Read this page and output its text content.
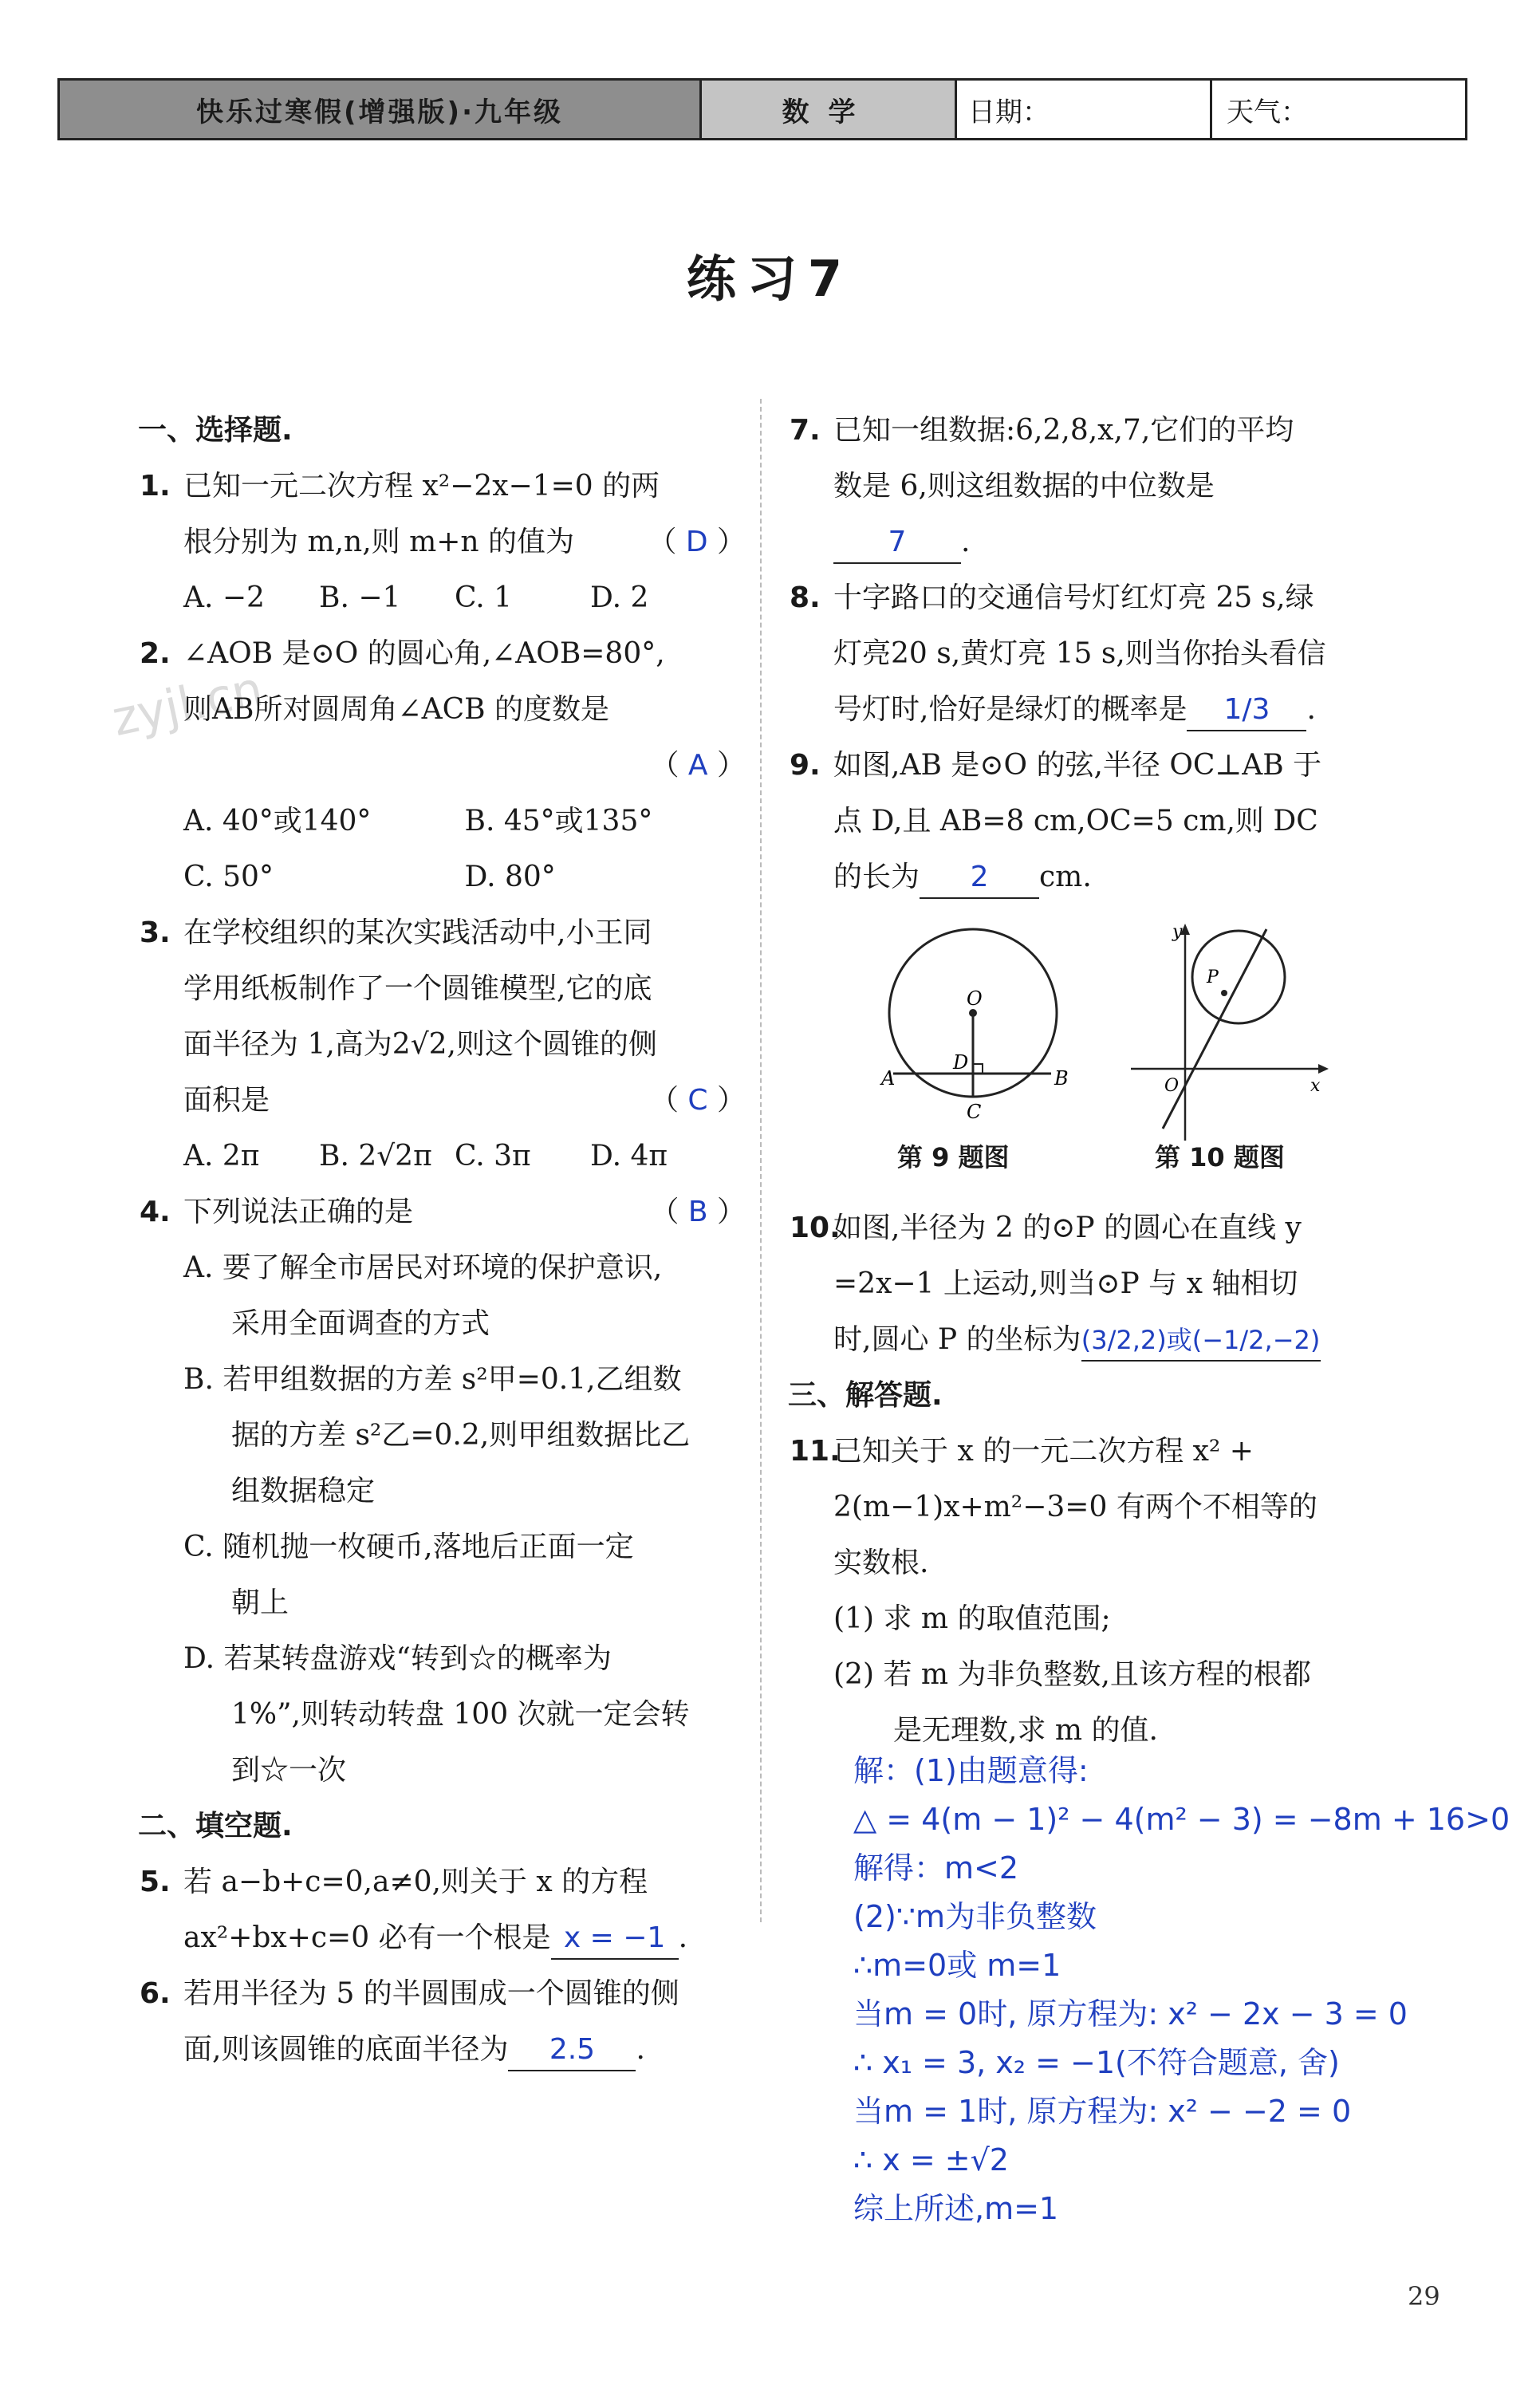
快乐过寒假(增强版)·九年级	数学	日期：	天气：
练习7
zyjl.cn
一、选择题.
1. 已知一元二次方程 x²−2x−1=0 的两
根分别为 m,n,则 m+n 的值为	（ D ）
A. −2	B. −1	C. 1	D. 2
2. ∠AOB 是⊙O 的圆心角,∠AOB=80°,
则AB所对圆周角∠ACB 的度数是
（ A ）
A. 40°或140°	B. 45°或135°
C. 50°	D. 80°
3. 在学校组织的某次实践活动中,小王同
学用纸板制作了一个圆锥模型,它的底
面半径为 1,高为2√2,则这个圆锥的侧
面积是	（ C ）
A. 2π	B. 2√2π C. 3π	D. 4π
4. 下列说法正确的是	（ B ）
A. 要了解全市居民对环境的保护意识,
采用全面调查的方式
B. 若甲组数据的方差 s²甲=0.1,乙组数
据的方差 s²乙=0.2,则甲组数据比乙
组数据稳定
C. 随机抛一枚硬币,落地后正面一定
朝上
D. 若某转盘游戏“转到☆的概率为
1%”,则转动转盘 100 次就一定会转
到☆一次
二、填空题.
5. 若 a−b+c=0,a≠0,则关于 x 的方程
ax²+bx+c=0 必有一个根是 x = −1 .
6. 若用半径为 5 的半圆围成一个圆锥的侧
面,则该圆锥的底面半径为 2.5 .
7. 已知一组数据:6,2,8,x,7,它们的平均
数是 6,则这组数据的中位数是
7 .
8. 十字路口的交通信号灯红灯亮 25 s,绿
灯亮20 s,黄灯亮 15 s,则当你抬头看信
号灯时,恰好是绿灯的概率是 1/3 .
9. 如图,AB 是⊙O 的弦,半径 OC⊥AB 于
点 D,且 AB=8 cm,OC=5 cm,则 DC
的长为 2 cm.
O
D
A	B
C
第 9 题图
y
x
O
P
第 10 题图
10.
如图,半径为 2 的⊙P 的圆心在直线 y
=2x−1 上运动,则当⊙P 与 x 轴相切
时,圆心 P 的坐标为(3/2,2)或(−1/2,−2)
三、解答题.
11.
已知关于 x 的一元二次方程 x² +
2(m−1)x+m²−3=0 有两个不相等的
实数根.
(1) 求 m 的取值范围;
(2) 若 m 为非负整数,且该方程的根都
是无理数,求 m 的值.
解：(1)由题意得:
△ = 4(m − 1)² − 4(m² − 3) = −8m + 16>0
解得：m<2
(2)∵m为非负整数
∴m=0或 m=1
当m = 0时, 原方程为: x² − 2x − 3 = 0
∴ x₁ = 3, x₂ = −1(不符合题意, 舍)
当m = 1时, 原方程为: x² − −2 = 0
∴ x = ±√2
综上所述,m=1
29
